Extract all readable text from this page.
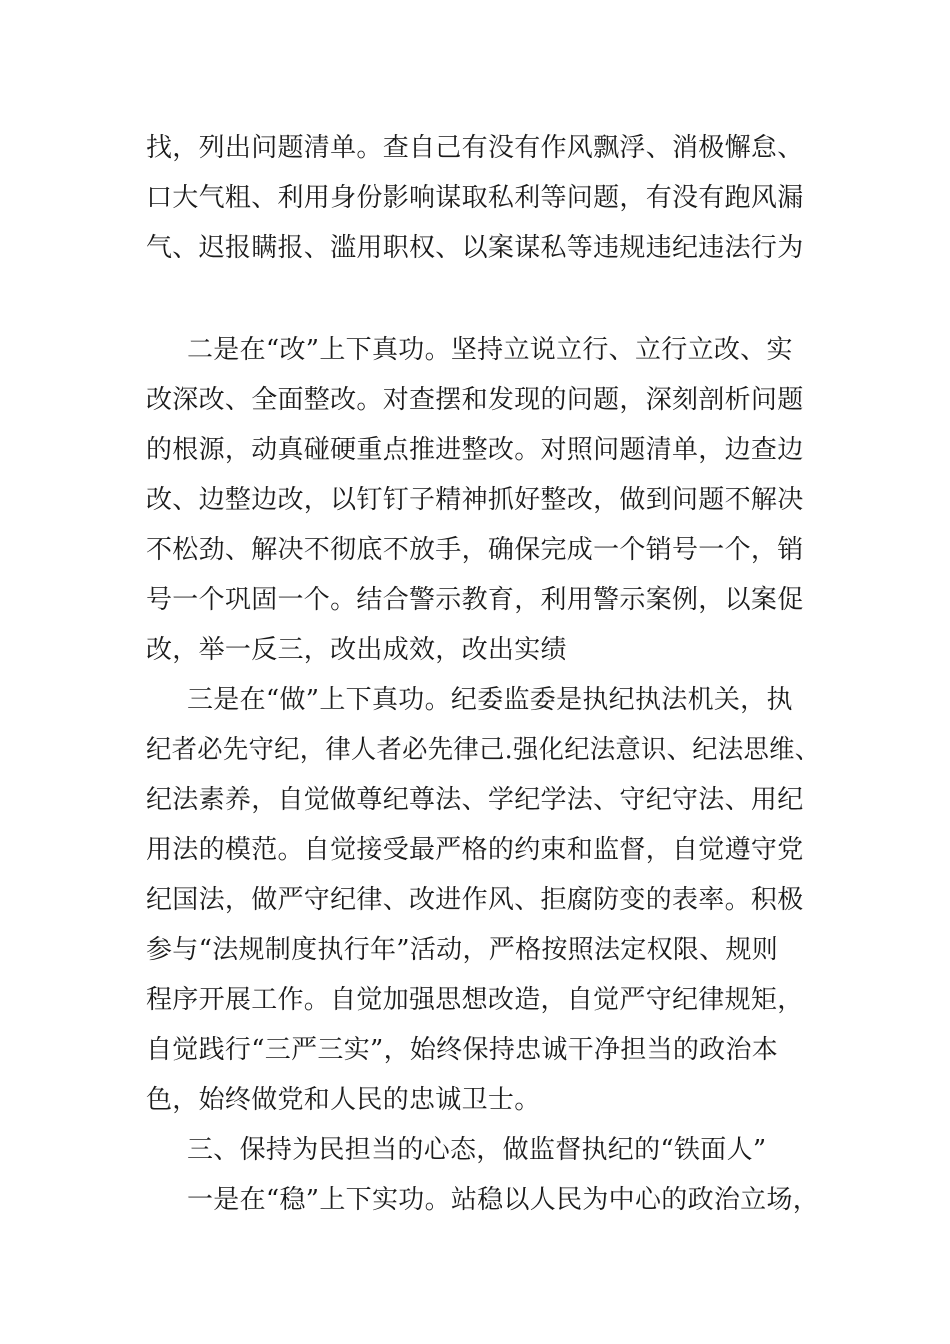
找，列出问题清单。查自己有没有作风飘浮、消极懈怠、
口大气粗、利用身份影响谋取私利等问题，有没有跑风漏
气、迟报瞒报、滥用职权、以案谋私等违规违纪违法行为
二是在“改”上下真功。坚持立说立行、立行立改、实
改深改、全面整改。对查摆和发现的问题，深刻剖析问题
的根源，动真碰硬重点推进整改。对照问题清单，边查边
改、边整边改，以钉钉子精神抓好整改，做到问题不解决
不松劲、解决不彻底不放手，确保完成一个销号一个，销
号一个巩固一个。结合警示教育，利用警示案例，以案促
改，举一反三，改出成效，改出实绩
三是在“做”上下真功。纪委监委是执纪执法机关，执
纪者必先守纪，律人者必先律己.强化纪法意识、纪法思维、
纪法素养，自觉做尊纪尊法、学纪学法、守纪守法、用纪
用法的模范。自觉接受最严格的约束和监督，自觉遵守党
纪国法，做严守纪律、改进作风、拒腐防变的表率。积极
参与“法规制度执行年”活动，严格按照法定权限、规则
程序开展工作。自觉加强思想改造，自觉严守纪律规矩，
自觉践行“三严三实”，始终保持忠诚干净担当的政治本
色，始终做党和人民的忠诚卫士。
三、保持为民担当的心态，做监督执纪的“铁面人”
一是在“稳”上下实功。站稳以人民为中心的政治立场，
